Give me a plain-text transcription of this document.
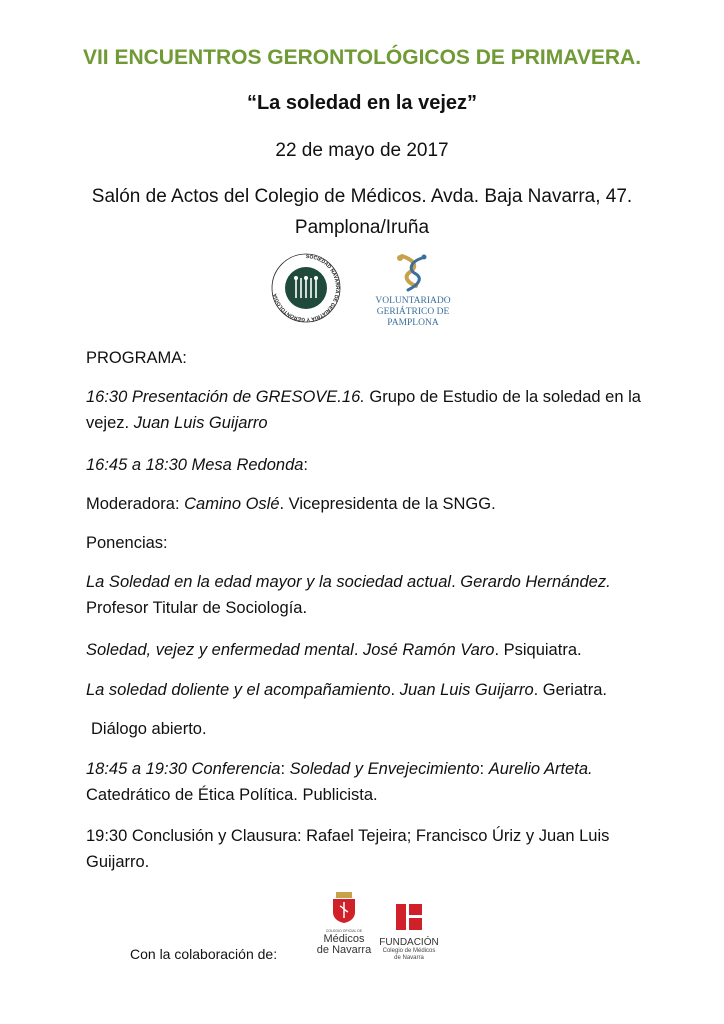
VII ENCUENTROS GERONTOLÓGICOS DE PRIMAVERA.
“La soledad en la vejez”
22 de mayo de 2017
Salón de Actos del Colegio de Médicos. Avda. Baja Navarra, 47.
Pamplona/Iruña
SOCIEDAD NAVARRA DE GERIATRÍA Y GERONTOLOGÍA
VOLUNTARIADO
GERIÁTRICO DE
PAMPLONA
PROGRAMA:
16:30 Presentación de GRESOVE.16. Grupo de Estudio de la soledad en la vejez. Juan Luis Guijarro
16:45 a 18:30 Mesa Redonda:
Moderadora: Camino Oslé. Vicepresidenta de la SNGG.
Ponencias:
La Soledad en la edad mayor y la sociedad actual. Gerardo Hernández.
Profesor Titular de Sociología.
Soledad, vejez y enfermedad mental. José Ramón Varo. Psiquiatra.
La soledad doliente y el acompañamiento. Juan Luis Guijarro. Geriatra.
Diálogo abierto.
18:45 a 19:30 Conferencia: Soledad y Envejecimiento: Aurelio Arteta.
Catedrático de Ética Política. Publicista.
19:30 Conclusión y Clausura: Rafael Tejeira; Francisco Úriz y Juan Luis Guijarro.
Con la colaboración de:
COLEGIO OFICIAL DE
Médicos
de Navarra
FUNDACIÓN
Colegio de Médicos
de Navarra
